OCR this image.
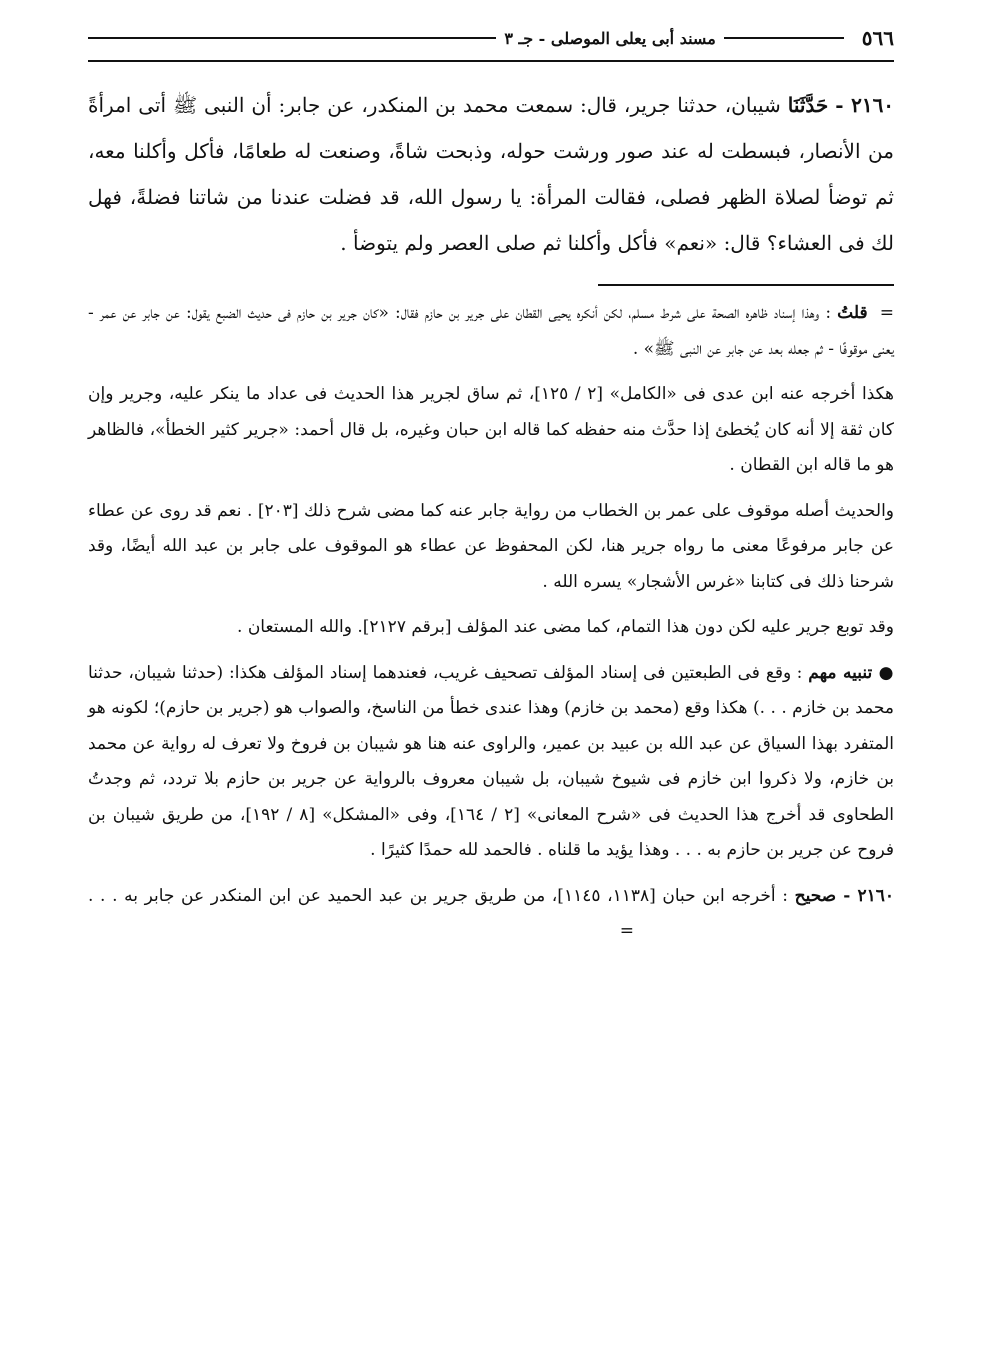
٥٦٦
مسند أبى يعلى الموصلى - جـ ٣
٢١٦٠ - حَدَّثَنَا شيبان، حدثنا جرير، قال: سمعت محمد بن المنكدر، عن جابر: أن النبى ﷺ أتى امرأةً من الأنصار، فبسطت له عند صور ورشت حوله، وذبحت شاةً، وصنعت له طعامًا، فأكل وأكلنا معه، ثم توضأ لصلاة الظهر فصلى، فقالت المرأة: يا رسول الله، قد فضلت عندنا من شاتنا فضلةً، فهل لك فى العشاء؟ قال: «نعم» فأكل وأكلنا ثم صلى العصر ولم يتوضأ .

= قلتُ : وهذا إسناد ظاهره الصحة على شرط مسلم، لكن أنكره يحيى القطان على جرير بن حازم فقال: «كان جرير بن حازم فى حديث الضبع يقول: عن جابر عن عمر - يعنى موقوفًا - ثم جعله بعد عن جابر عن النبى ﷺ» .

هكذا أخرجه عنه ابن عدى فى «الكامل» [٢ / ١٢٥]، ثم ساق لجرير هذا الحديث فى عداد ما ينكر عليه، وجرير وإن كان ثقة إلا أنه كان يُخطئ إذا حدَّث منه حفظه كما قاله ابن حبان وغيره، بل قال أحمد: «جرير كثير الخطأ»، فالظاهر هو ما قاله ابن القطان .

والحديث أصله موقوف على عمر بن الخطاب من رواية جابر عنه كما مضى شرح ذلك [٢٠٣] . نعم قد روى عن عطاء عن جابر مرفوعًا معنى ما رواه جرير هنا، لكن المحفوظ عن عطاء هو الموقوف على جابر بن عبد الله أيضًا، وقد شرحنا ذلك فى كتابنا «غرس الأشجار» يسره الله .

وقد توبع جرير عليه لكن دون هذا التمام، كما مضى عند المؤلف [برقم ٢١٢٧]. والله المستعان .

● تنبيه مهم : وقع فى الطبعتين فى إسناد المؤلف تصحيف غريب، فعندهما إسناد المؤلف هكذا: (حدثنا شيبان، حدثنا محمد بن خازم . . .) هكذا وقع (محمد بن خازم) وهذا عندى خطأ من الناسخ، والصواب هو (جرير بن حازم)؛ لكونه هو المتفرد بهذا السياق عن عبد الله بن عبيد بن عمير، والراوى عنه هنا هو شيبان بن فروخ ولا تعرف له رواية عن محمد بن خازم، ولا ذكروا ابن خازم فى شيوخ شيبان، بل شيبان معروف بالرواية عن جرير بن حازم بلا تردد، ثم وجدتُ الطحاوى قد أخرج هذا الحديث فى «شرح المعانى» [٢ / ١٦٤]، وفى «المشكل» [٨ / ١٩٢]، من طريق شيبان بن فروح عن جرير بن حازم به . . . وهذا يؤيد ما قلناه . فالحمد لله حمدًا كثيرًا .

٢١٦٠ - صحيح : أخرجه ابن حبان [١١٣٨، ١١٤٥]، من طريق جرير بن عبد الحميد عن ابن المنكدر عن جابر به . . . =
